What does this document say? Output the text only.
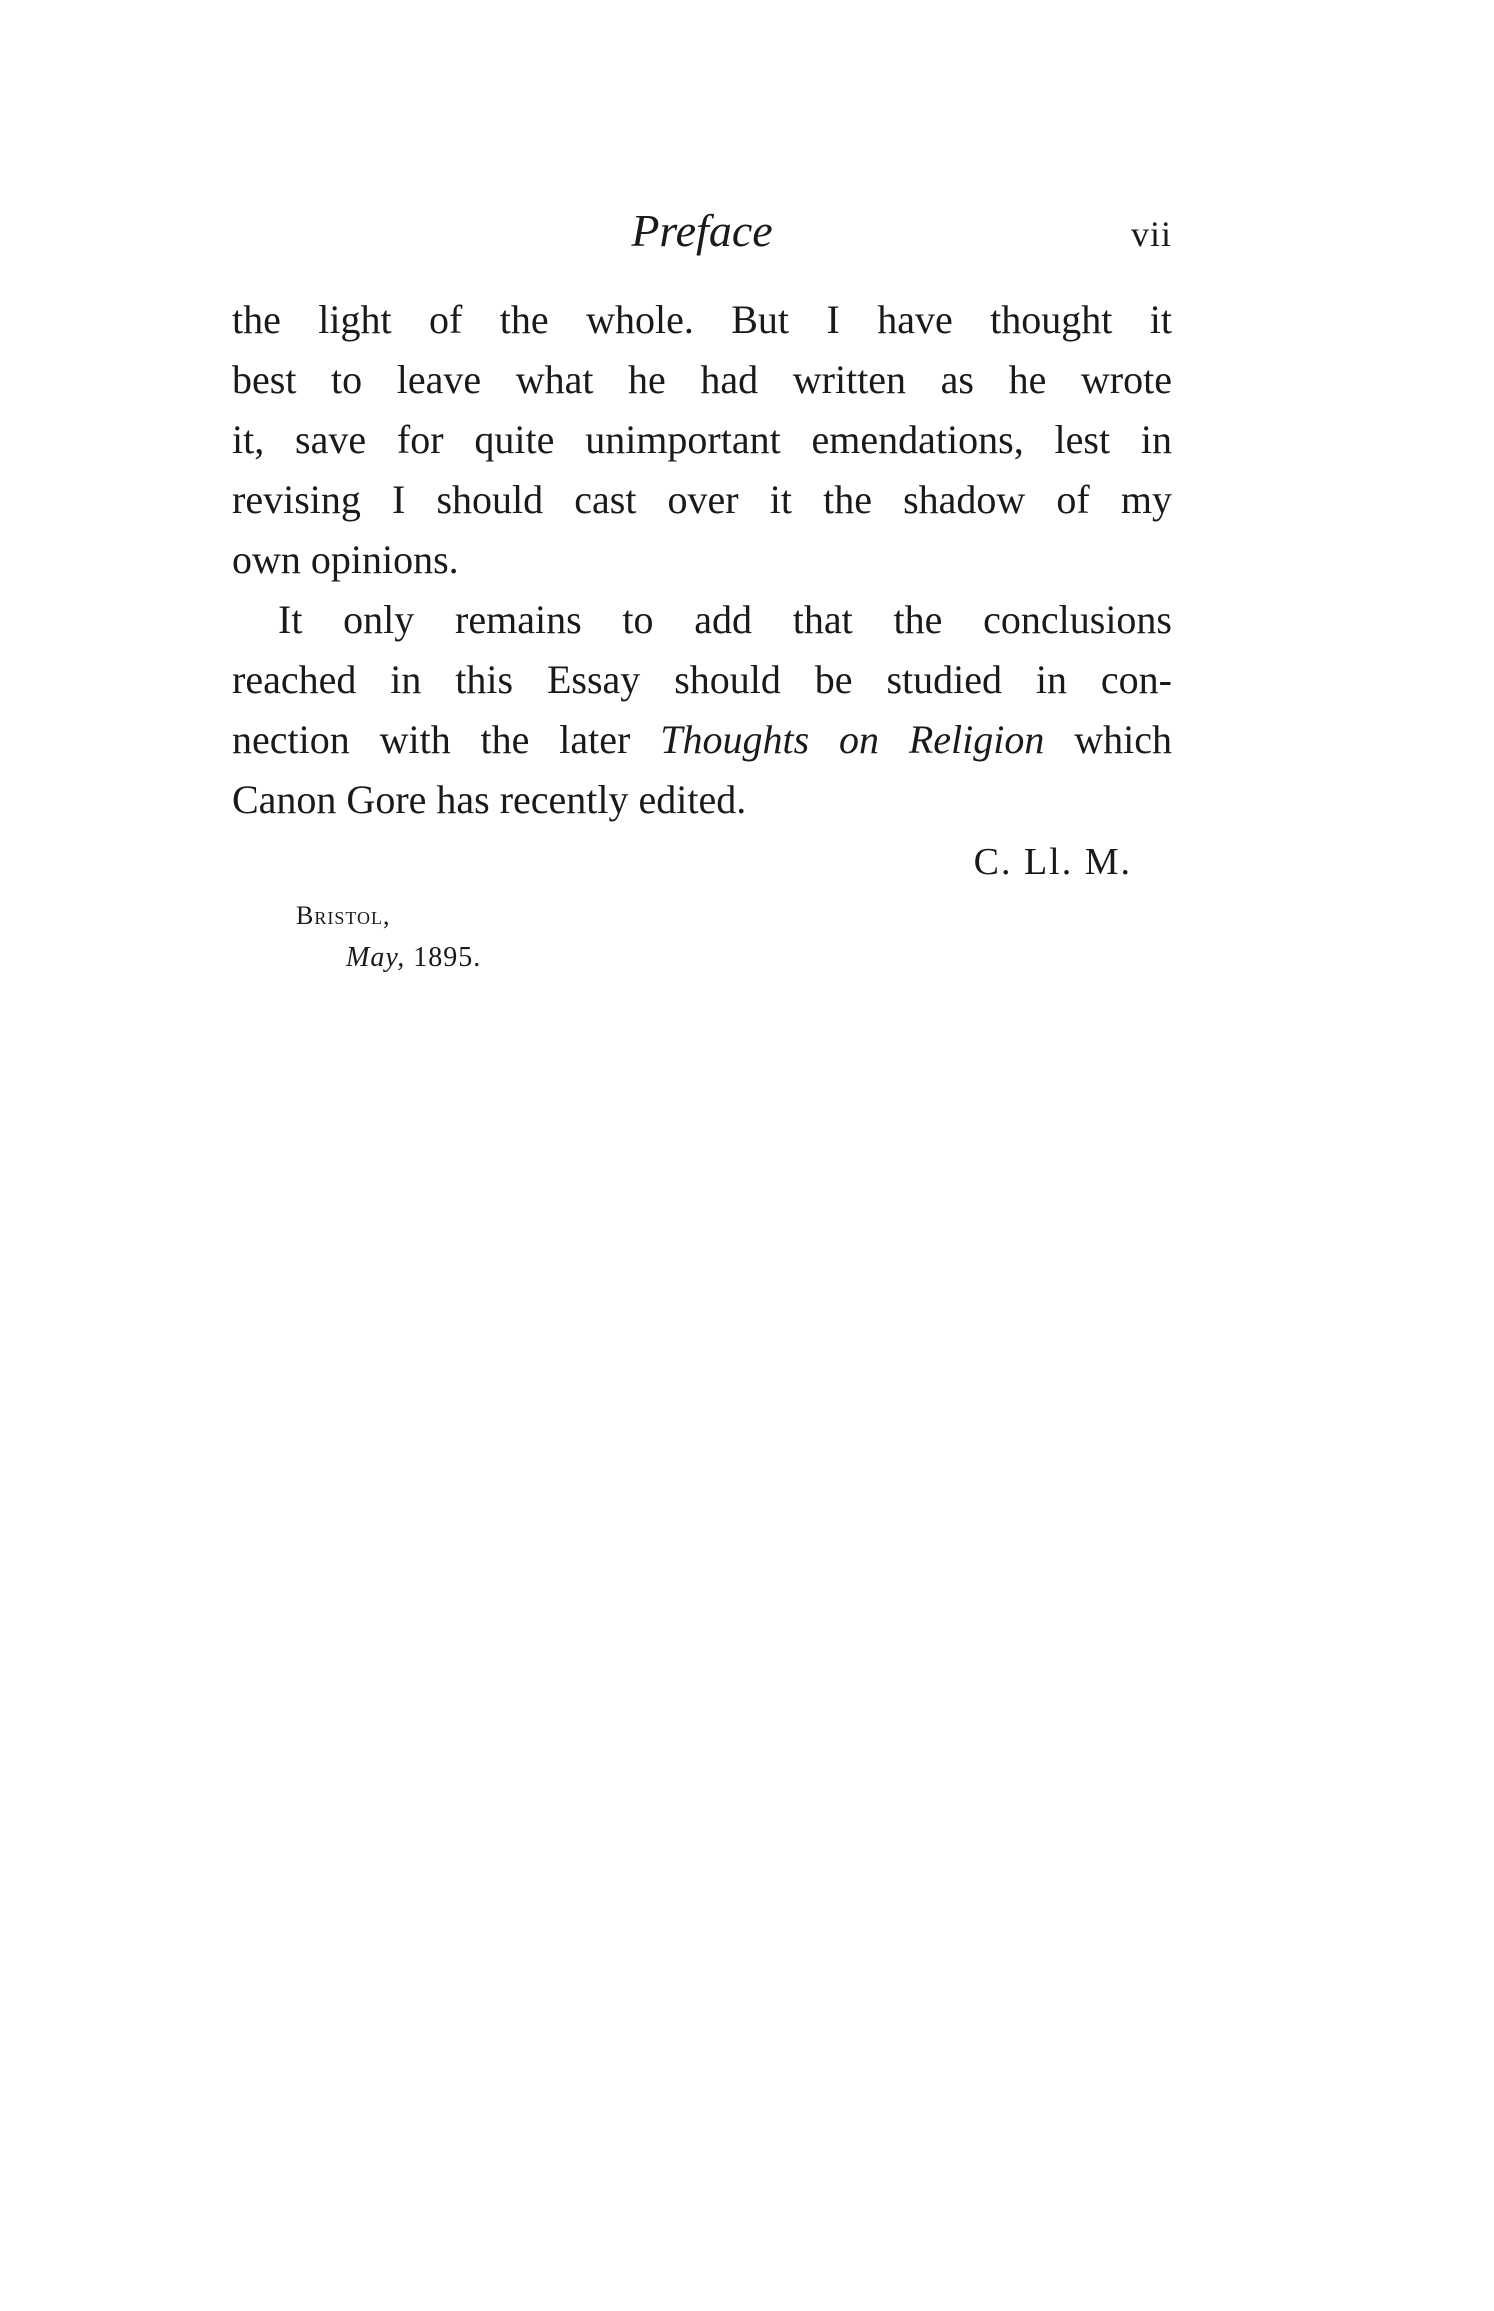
Preface	vii

the light of the whole. But I have thought it
best to leave what he had written as he wrote
it, save for quite unimportant emendations, lest in
revising I should cast over it the shadow of my
own opinions.

It only remains to add that the conclusions
reached in this Essay should be studied in con-
nection with the later Thoughts on Religion which
Canon Gore has recently edited.

C. Ll. M.
Bristol,
May, 1895.
